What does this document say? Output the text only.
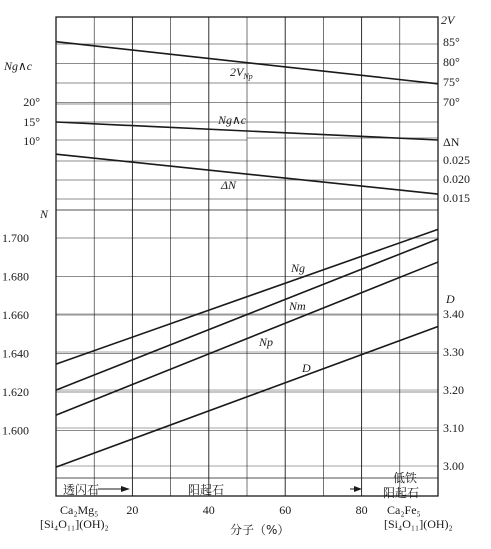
2V
85°
80°
75°
70°
Ng∧c
20°
15°
10°	ΔN
0.025
0.020
0.015
N
1.700
1.680
1.660
1.640
1.620
1.600
D
3.40
3.30
3.20
3.10
3.00
$2V_{Np}$
Ng∧c
ΔN
Ng
Nm
Np
D
透闪石	阳起石
低铁
阳起石
20	40	60	80
Ca₂Mg₅
[Si₄O₁₁](OH)₂
Ca₂Fe₅
[Si₄O₁₁](OH)₂
分子（%）
